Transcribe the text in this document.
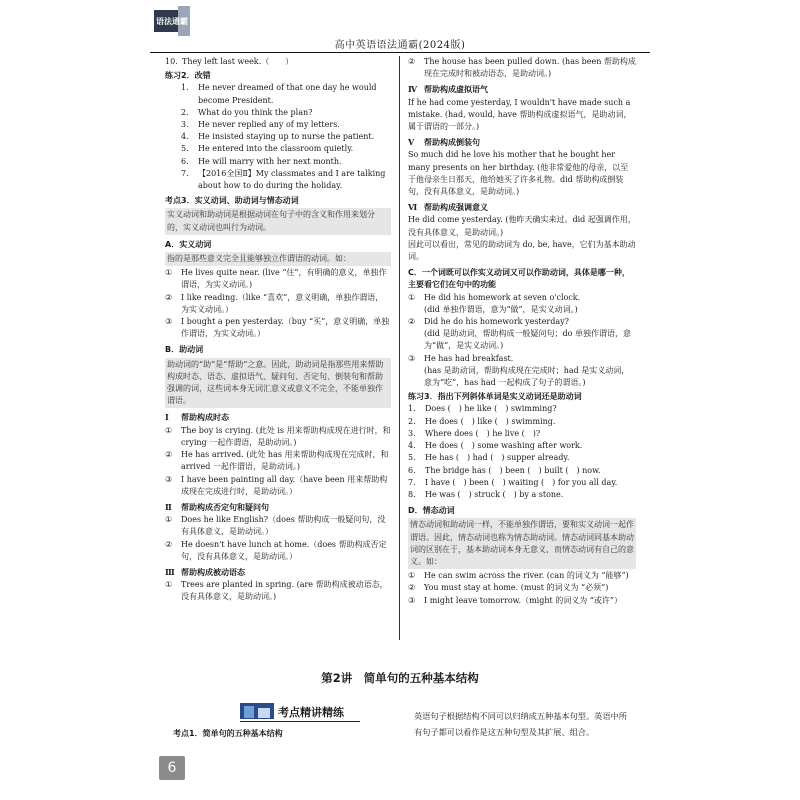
语法通霸
高中英语语法通霸(2024版)
10. They left last week.（　　）
练习2．改错
1.	He never dreamed of that one day he would become President.
2.	What do you think the plan?
3.	He never replied any of my letters.
4.	He insisted staying up to nurse the patient.
5.	He entered into the classroom quietly.
6.	He will marry with her next month.
7.	【2016全国Ⅱ】My classmates and I are talking about how to do during the holiday.
考点3．实义动词、助动词与情态动词
实义动词和助动词是根据动词在句子中的含义和作用来划分的，实义动词也叫行为动词。
A．实义动词
指的是那些意义完全且能够独立作谓语的动词。如：
①	He lives quite near. (live “住”，有明确的意义，单独作谓语，为实义动词。)
②	I like reading.（like “喜欢”，意义明确，单独作谓语，为实义动词。）
③	I bought a pen yesterday.（buy “买”，意义明确，单独作谓语，为实义动词。）
B．助动词
助动词的“助”是“帮助”之意。因此，助动词是指那些用来帮助构成时态、语态、虚拟语气、疑问句、否定句、倒装句和帮助强调的词，这些词本身无词汇意义或意义不完全，不能单独作谓语。
Ⅰ 帮助构成时态
①	The boy is crying. (此处 is 用来帮助构成现在进行时，和 crying 一起作谓语，是助动词。)
②	He has arrived. (此处 has 用来帮助构成现在完成时，和 arrived 一起作谓语，是助动词。)
③	I have been painting all day.（have been 用来帮助构成现在完成进行时，是助动词。）
Ⅱ 帮助构成否定句和疑问句
①	Does he like English?（does 帮助构成一般疑问句，没有具体意义，是助动词。）
②	He doesn't have lunch at home.（does 帮助构成否定句，没有具体意义，是助动词。）
Ⅲ 帮助构成被动语态
①	Trees are planted in spring. (are 帮助构成被动语态，没有具体意义，是助动词。)
②	The house has been pulled down. (has been 帮助构成现在完成时和被动语态，是助动词。)
Ⅳ 帮助构成虚拟语气
If he had come yesterday, I wouldn't have made such a mistake. (had, would, have 帮助构成虚拟语气，是助动词，属于谓语的一部分。)
Ⅴ 帮助构成倒装句
So much did he love his mother that he bought her many presents on her birthday. (他非常爱他的母亲，以至于他母亲生日那天，他给她买了许多礼物。did 帮助构成倒装句，没有具体意义，是助动词。)
Ⅵ 帮助构成强调意义
He did come yesterday. (他昨天确实来过。did 起强调作用，没有具体意义，是助动词。)
因此可以看出，常见的助动词为 do, be, have，它们为基本助动词。
C．一个词既可以作实义动词又可以作助动词，具体是哪一种，主要看它们在句中的功能
①	He did his homework at seven o'clock.
(did 单独作谓语，意为“做”，是实义动词。)
②	Did he do his homework yesterday?
(did 是助动词，帮助构成一般疑问句；do 单独作谓语，意为“做”，是实义动词。)
③	He has had breakfast.
(has 是助动词，帮助构成现在完成时；had 是实义动词，意为“吃”，has had 一起构成了句子的谓语。)
练习3．指出下列斜体单词是实义动词还是助动词
1.	Does (　) he like (　) swimming?
2.	He does (　) like (　) swimming.
3.	Where does (　) he live (　)?
4.	He does (　) some washing after work.
5.	He has (　) had (　) supper already.
6.	The bridge has (　) been (　) built (　) now.
7.	I have (　) been (　) waiting (　) for you all day.
8.	He was (　) struck (　) by a stone.
D．情态动词
情态动词和助动词一样，不能单独作谓语，要和实义动词一起作谓语。因此，情态动词也称为情态助动词。情态动词同基本助动词的区别在于，基本助动词本身无意义，而情态动词有自己的意义。如：
①	He can swim across the river. (can 的词义为 “能够”)
②	You must stay at home. (must 的词义为 “必须”)
③	I might leave tomorrow.（might 的词义为 “或许”）
第2讲　简单句的五种基本结构
考点精讲精练
考点1．简单句的五种基本结构
英语句子根据结构不同可以归纳成五种基本句型。英语中所有句子都可以看作是这五种句型及其扩展、组合。
6
